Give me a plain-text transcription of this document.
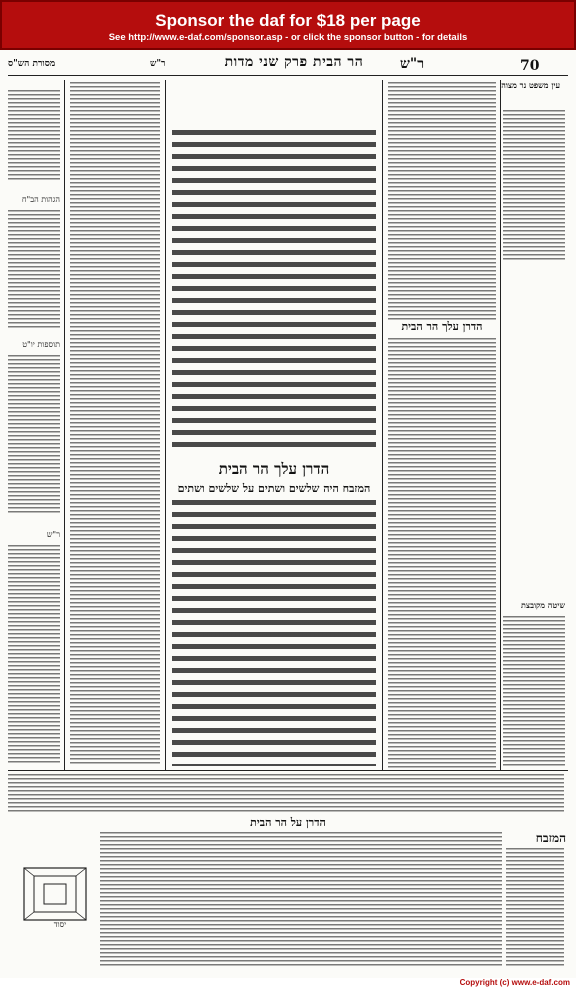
Sponsor the daf for $18 per page
See http://www.e-daf.com/sponsor.asp - or click the sponsor button - for details
70
ר"ש
הר הבית פרק שני מדות
ר"ש
מסורת הש"ס
עין משפט נר מצוה
שיטה מקובצת
הדרן עלך הר הבית
הדרן עלך הר הבית
המזבח היה שלשים ושתים על שלשים ושתים
הגהות הב"ח
תוספות יו"ט
ר"ש
הדרן על הר הבית
המזבח
יסוד
Copyright (c) www.e-daf.com
